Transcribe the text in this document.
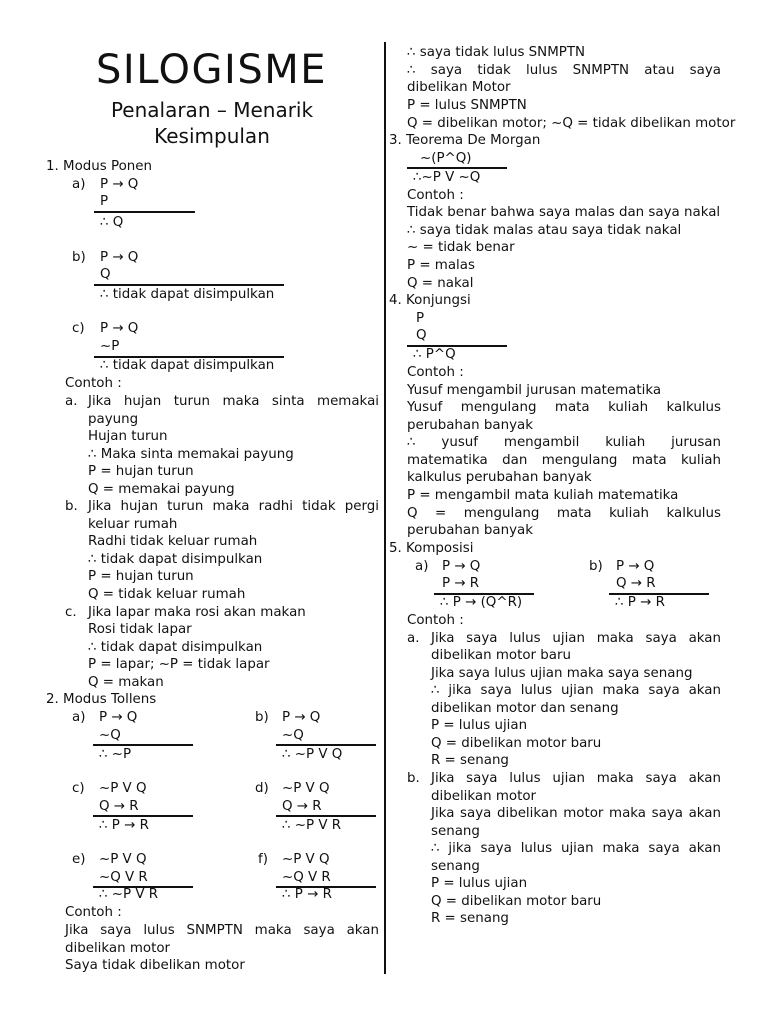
SILOGISME
Penalaran – Menarik
Kesimpulan
1. Modus Ponen
a) P → Q
P
∴ Q
b) P → Q
Q
∴ tidak dapat disimpulkan
c) P → Q
~P
∴ tidak dapat disimpulkan
Contoh :
a. Jika hujan turun maka sinta memakai
payung
Hujan turun
∴ Maka sinta memakai payung
P = hujan turun
Q = memakai payung
b. Jika hujan turun maka radhi tidak pergi
keluar rumah
Radhi tidak keluar rumah
∴ tidak dapat disimpulkan
P = hujan turun
Q = tidak keluar rumah
c. Jika lapar maka rosi akan makan
Rosi tidak lapar
∴ tidak dapat disimpulkan
P = lapar; ~P = tidak lapar
Q = makan
2. Modus Tollens
a) P → Q
~Q
∴ ~P
b) P → Q
~Q
∴ ~P V Q
c) ~P V Q
Q → R
∴ P → R
d) ~P V Q
Q → R
∴ ~P V R
e) ~P V Q
~Q V R
∴ ~P V R
f) ~P V Q
~Q V R
∴ P → R
Contoh :
Jika saya lulus SNMPTN maka saya akan
dibelikan motor
Saya tidak dibelikan motor
∴ saya tidak lulus SNMPTN
∴ saya tidak lulus SNMPTN atau saya
dibelikan Motor
P = lulus SNMPTN
Q = dibelikan motor; ~Q = tidak dibelikan motor
3. Teorema De Morgan
~(P^Q)
∴~P V ~Q
Contoh :
Tidak benar bahwa saya malas dan saya nakal
∴ saya tidak malas atau saya tidak nakal
~ = tidak benar
P = malas
Q = nakal
4. Konjungsi
P
Q
∴ P^Q
Contoh :
Yusuf mengambil jurusan matematika
Yusuf mengulang mata kuliah kalkulus
perubahan banyak
∴ yusuf mengambil kuliah jurusan
matematika dan mengulang mata kuliah
kalkulus perubahan banyak
P = mengambil mata kuliah matematika
Q = mengulang mata kuliah kalkulus
perubahan banyak
5. Komposisi
a) P → Q
P → R
∴ P → (Q^R)
b) P → Q
Q → R
∴ P → R
Contoh :
a. Jika saya lulus ujian maka saya akan
dibelikan motor baru
Jika saya lulus ujian maka saya senang
∴ jika saya lulus ujian maka saya akan
dibelikan motor dan senang
P = lulus ujian
Q = dibelikan motor baru
R = senang
b. Jika saya lulus ujian maka saya akan
dibelikan motor
Jika saya dibelikan motor maka saya akan
senang
∴ jika saya lulus ujian maka saya akan
senang
P = lulus ujian
Q = dibelikan motor baru
R = senang
